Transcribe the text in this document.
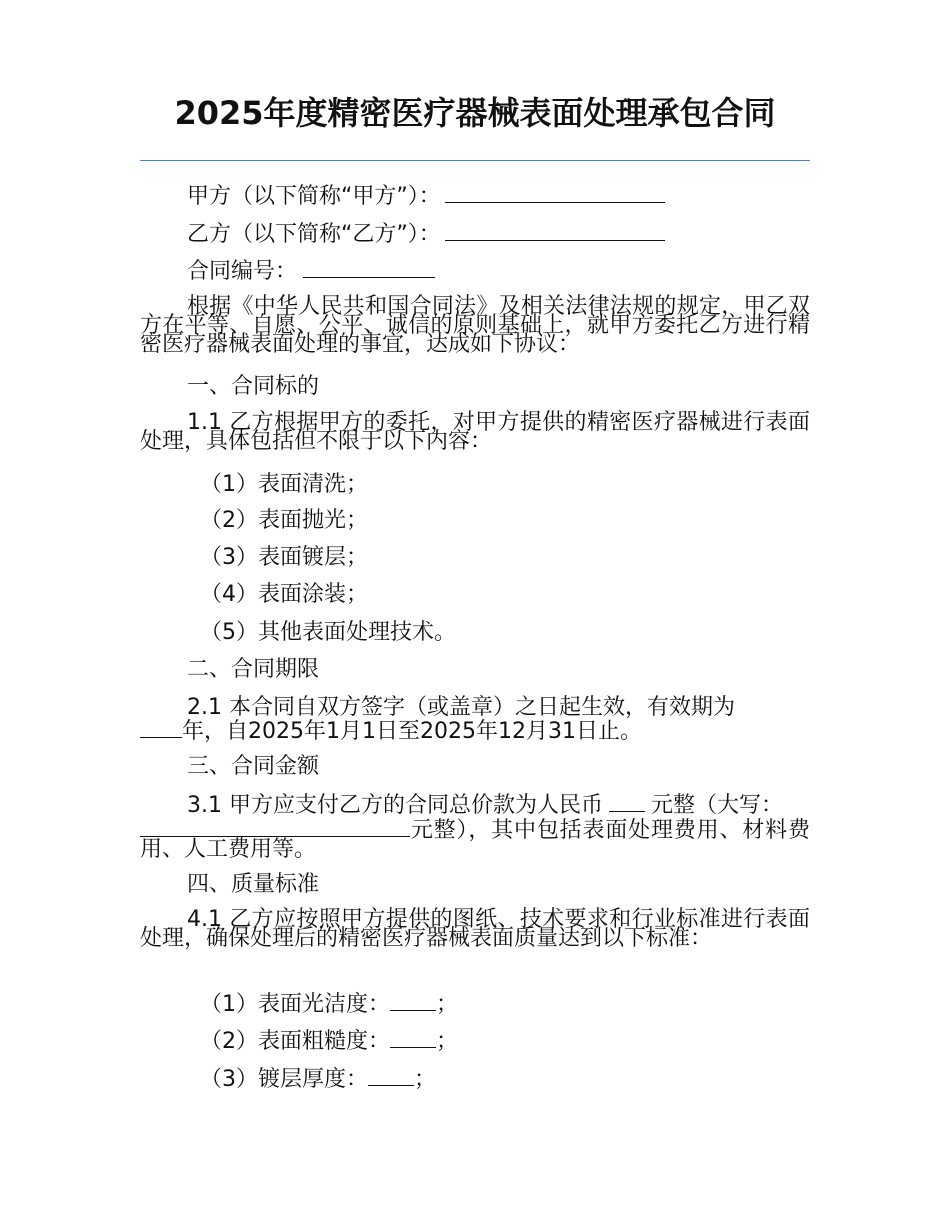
2025年度精密医疗器械表面处理承包合同
甲方（以下简称“甲方”）：
乙方（以下简称“乙方”）：
合同编号：
根据《中华人民共和国合同法》及相关法律法规的规定，甲乙双方在平等、自愿、公平、诚信的原则基础上，就甲方委托乙方进行精密医疗器械表面处理的事宜，达成如下协议：
一、合同标的
1.1 乙方根据甲方的委托，对甲方提供的精密医疗器械进行表面处理，具体包括但不限于以下内容：
（1）表面清洗；
（2）表面抛光；
（3）表面镀层；
（4）表面涂装；
（5）其他表面处理技术。
二、合同期限
2.1 本合同自双方签字（或盖章）之日起生效，有效期为
年，自2025年1月1日至2025年12月31日止。
三、合同金额
3.1 甲方应支付乙方的合同总价款为人民币 元整（大写：
元整），其中包括表面处理费用、材料费用、人工费用等。
四、质量标准
4.1 乙方应按照甲方提供的图纸、技术要求和行业标准进行表面处理，确保处理后的精密医疗器械表面质量达到以下标准：
（1）表面光洁度： ；
（2）表面粗糙度： ；
（3）镀层厚度： ；
